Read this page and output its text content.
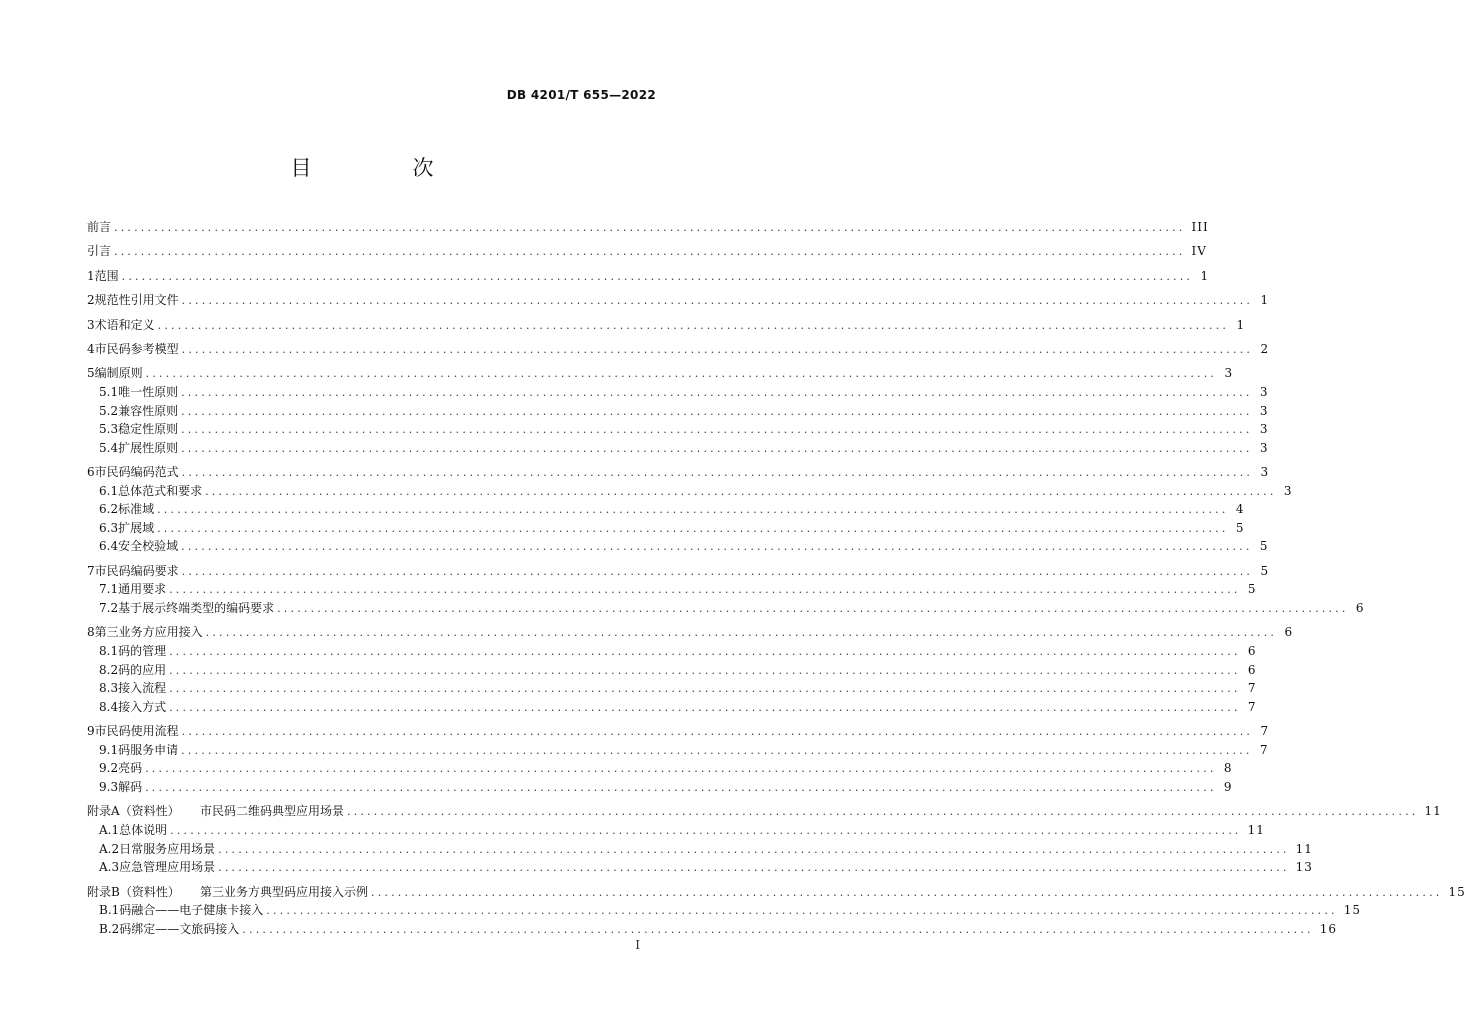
DB 4201/T 655—2022
目　次
前言 ................................................................................................................................................................ III
引言 ................................................................................................................................................................ IV
1 范围 ................................................................................................................................................................ 1
2 规范性引用文件 ................................................................................................................................................................ 1
3 术语和定义 ................................................................................................................................................................ 1
4 市民码参考模型 ................................................................................................................................................................ 2
5 编制原则 ................................................................................................................................................................ 3
5.1 唯一性原则 ................................................................................................................................................................ 3
5.2 兼容性原则 ................................................................................................................................................................ 3
5.3 稳定性原则 ................................................................................................................................................................ 3
5.4 扩展性原则 ................................................................................................................................................................ 3
6 市民码编码范式 ................................................................................................................................................................ 3
6.1 总体范式和要求 ................................................................................................................................................................ 3
6.2 标准域 ................................................................................................................................................................ 4
6.3 扩展域 ................................................................................................................................................................ 5
6.4 安全校验域 ................................................................................................................................................................ 5
7 市民码编码要求 ................................................................................................................................................................ 5
7.1 通用要求 ................................................................................................................................................................ 5
7.2 基于展示终端类型的编码要求 ................................................................................................................................................................ 6
8 第三业务方应用接入 ................................................................................................................................................................ 6
8.1 码的管理 ................................................................................................................................................................ 6
8.2 码的应用 ................................................................................................................................................................ 6
8.3 接入流程 ................................................................................................................................................................ 7
8.4 接入方式 ................................................................................................................................................................ 7
9 市民码使用流程 ................................................................................................................................................................ 7
9.1 码服务申请 ................................................................................................................................................................ 7
9.2 亮码 ................................................................................................................................................................ 8
9.3 解码 ................................................................................................................................................................ 9
附录A（资料性）	市民码二维码典型应用场景 ................................................................................................................................................................ 11
A.1 总体说明 ................................................................................................................................................................ 11
A.2 日常服务应用场景 ................................................................................................................................................................ 11
A.3 应急管理应用场景 ................................................................................................................................................................ 13
附录B（资料性）	第三业务方典型码应用接入示例 ................................................................................................................................................................ 15
B.1 码融合——电子健康卡接入 ................................................................................................................................................................ 15
B.2 码绑定——文旅码接入 ................................................................................................................................................................ 16
I
